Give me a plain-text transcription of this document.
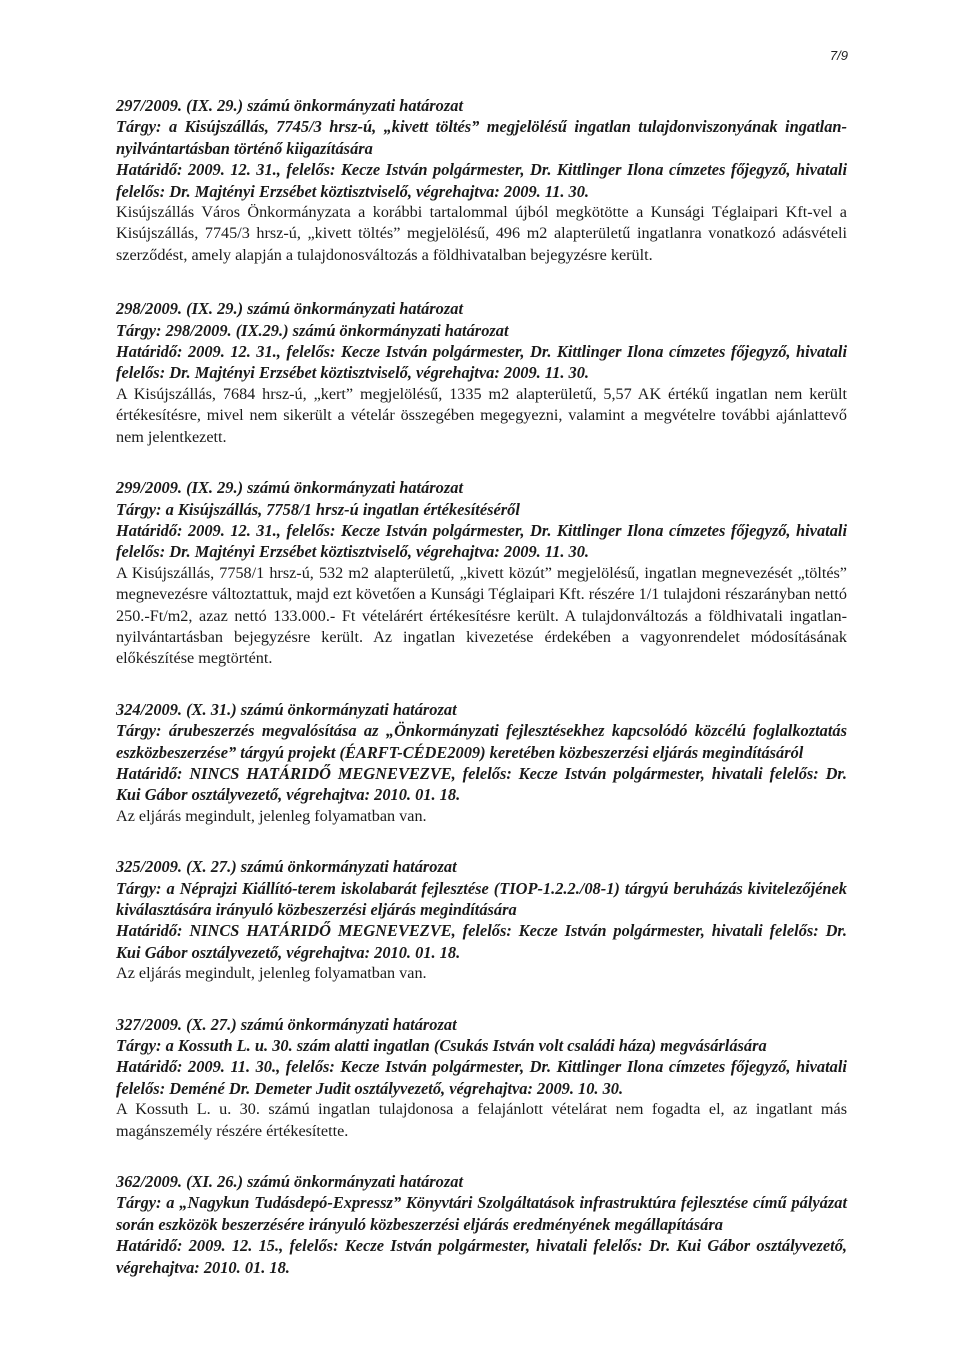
7/9
297/2009. (IX. 29.) számú önkormányzati határozat
Tárgy: a Kisújszállás, 7745/3 hrsz-ú, „kivett töltés” megjelölésű ingatlan tulajdonviszonyának ingatlan-nyilvántartásban történő kiigazítására
Határidő: 2009. 12. 31., felelős: Kecze István polgármester, Dr. Kittlinger Ilona címzetes főjegyző, hivatali felelős: Dr. Majtényi Erzsébet köztisztviselő, végrehajtva: 2009. 11. 30.
Kisújszállás Város Önkormányzata a korábbi tartalommal újból megkötötte a Kunsági Téglaipari Kft-vel a Kisújszállás, 7745/3 hrsz-ú, „kivett töltés” megjelölésű, 496 m2 alapterületű ingatlanra vonatkozó adásvételi szerződést, amely alapján a tulajdonosváltozás a földhivatalban bejegyzésre került.
298/2009. (IX. 29.) számú önkormányzati határozat
Tárgy: 298/2009. (IX.29.) számú önkormányzati határozat
Határidő: 2009. 12. 31., felelős: Kecze István polgármester, Dr. Kittlinger Ilona címzetes főjegyző, hivatali felelős: Dr. Majtényi Erzsébet köztisztviselő, végrehajtva: 2009. 11. 30.
A Kisújszállás, 7684 hrsz-ú, „kert” megjelölésű, 1335 m2 alapterületű, 5,57 AK értékű ingatlan nem került értékesítésre, mivel nem sikerült a vételár összegében megegyezni, valamint a megvételre további ajánlattevő nem jelentkezett.
299/2009. (IX. 29.) számú önkormányzati határozat
Tárgy: a Kisújszállás, 7758/1 hrsz-ú ingatlan értékesítéséről
Határidő: 2009. 12. 31., felelős: Kecze István polgármester, Dr. Kittlinger Ilona címzetes főjegyző, hivatali felelős: Dr. Majtényi Erzsébet köztisztviselő, végrehajtva: 2009. 11. 30.
A Kisújszállás, 7758/1 hrsz-ú, 532 m2 alapterületű, „kivett közút” megjelölésű, ingatlan megnevezését „töltés” megnevezésre változtattuk, majd ezt követően a Kunsági Téglaipari Kft. részére 1/1 tulajdoni részarányban nettó 250.-Ft/m2, azaz nettó 133.000.- Ft vételárért értékesítésre került. A tulajdonváltozás a földhivatali ingatlan-nyilvántartásban bejegyzésre került. Az ingatlan kivezetése érdekében a vagyonrendelet módosításának előkészítése megtörtént.
324/2009. (X. 31.) számú önkormányzati határozat
Tárgy: árubeszerzés megvalósítása az „Önkormányzati fejlesztésekhez kapcsolódó közcélú foglalkoztatás eszközbeszerzése” tárgyú projekt (ÉARFT-CÉDE2009) keretében közbeszerzési eljárás megindításáról
Határidő: NINCS HATÁRIDŐ MEGNEVEZVE, felelős: Kecze István polgármester, hivatali felelős: Dr. Kui Gábor osztályvezető, végrehajtva: 2010. 01. 18.
Az eljárás megindult, jelenleg folyamatban van.
325/2009. (X. 27.) számú önkormányzati határozat
Tárgy: a Néprajzi Kiállító-terem iskolabarát fejlesztése (TIOP-1.2.2./08-1) tárgyú beruházás kivitelezőjének kiválasztására irányuló közbeszerzési eljárás megindítására
Határidő: NINCS HATÁRIDŐ MEGNEVEZVE, felelős: Kecze István polgármester, hivatali felelős: Dr. Kui Gábor osztályvezető, végrehajtva: 2010. 01. 18.
Az eljárás megindult, jelenleg folyamatban van.
327/2009. (X. 27.) számú önkormányzati határozat
Tárgy: a Kossuth L. u. 30. szám alatti ingatlan (Csukás István volt családi háza) megvásárlására
Határidő: 2009. 11. 30., felelős: Kecze István polgármester, Dr. Kittlinger Ilona címzetes főjegyző, hivatali felelős: Deméné Dr. Demeter Judit osztályvezető, végrehajtva: 2009. 10. 30.
A Kossuth L. u. 30. számú ingatlan tulajdonosa a felajánlott vételárat nem fogadta el, az ingatlant más magánszemély részére értékesítette.
362/2009. (XI. 26.) számú önkormányzati határozat
Tárgy: a „Nagykun Tudásdepó-Expressz” Könyvtári Szolgáltatások infrastruktúra fejlesztése című pályázat során eszközök beszerzésére irányuló közbeszerzési eljárás eredményének megállapítására
Határidő: 2009. 12. 15., felelős: Kecze István polgármester, hivatali felelős: Dr. Kui Gábor osztályvezető, végrehajtva: 2010. 01. 18.
